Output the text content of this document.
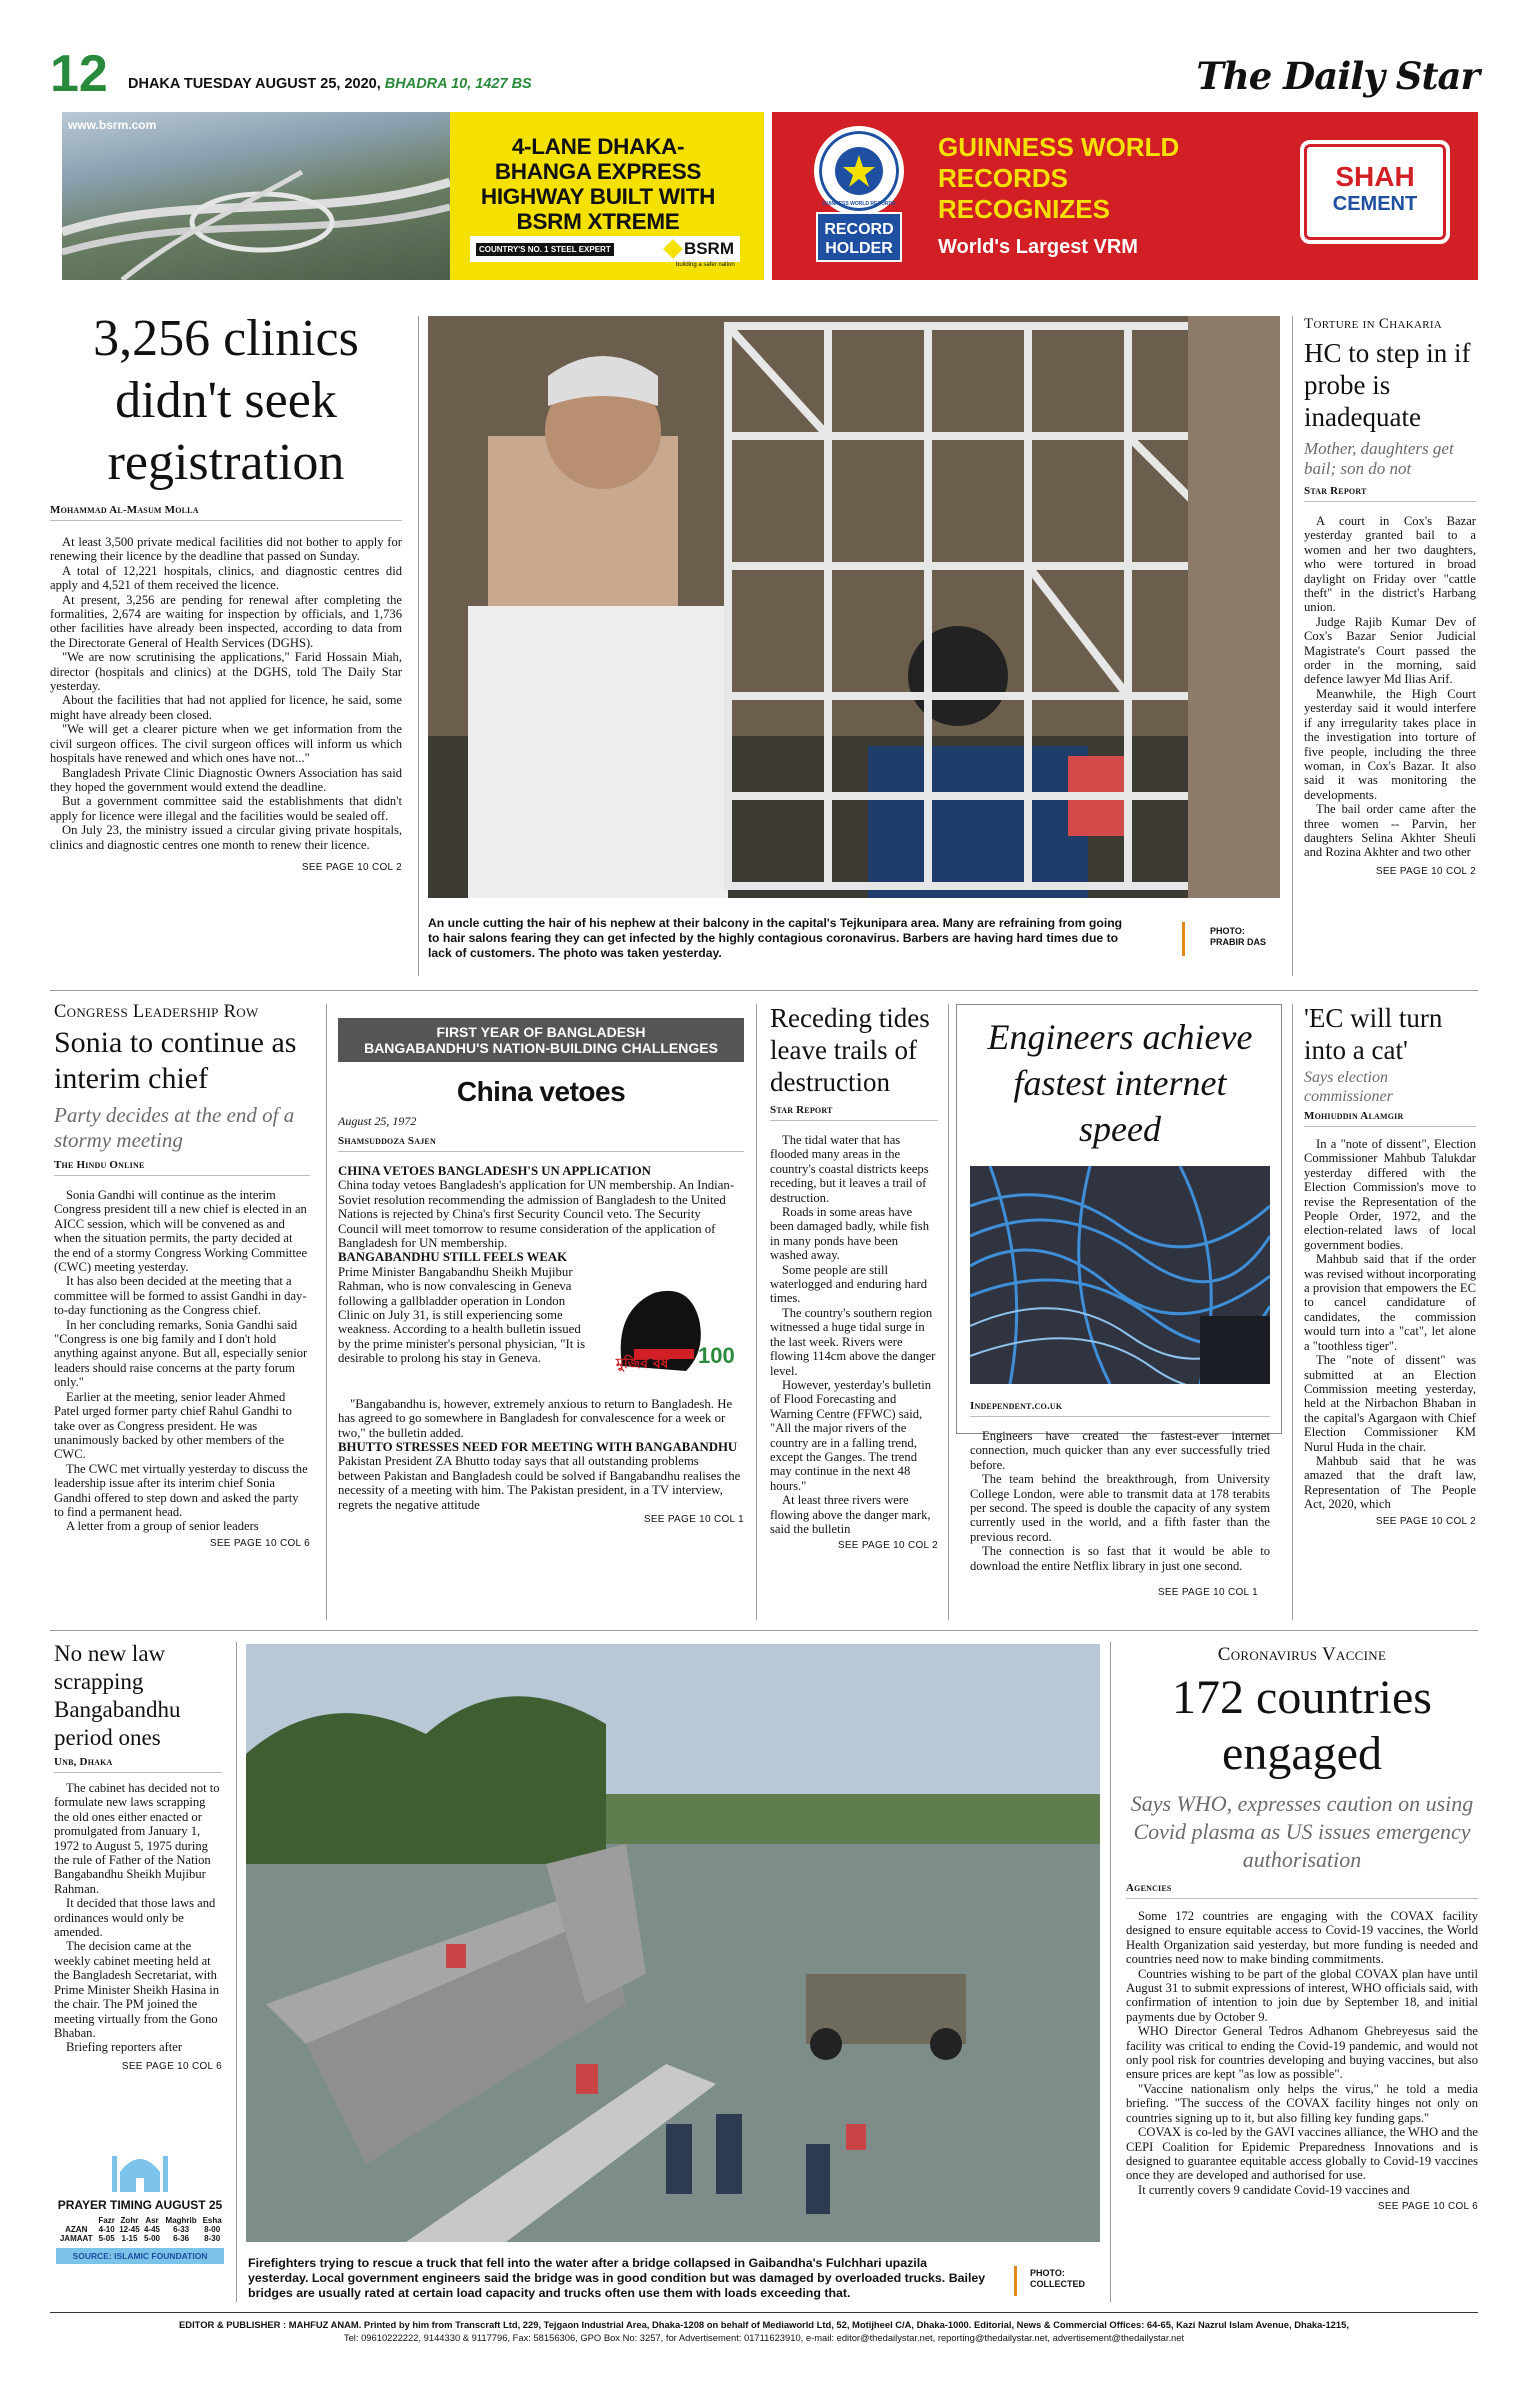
12 DHAKA TUESDAY AUGUST 25, 2020, BHADRA 10, 1427 BS	The Daily Star
www.bsrm.com
4-LANE DHAKA-BHANGA EXPRESS HIGHWAY BUILT WITH BSRM XTREME
COUNTRY'S NO. 1 STEEL EXPERT	BSRM
building a safer nation
GUINNESS WORLD RECORDS
RECORD HOLDER
GUINNESS WORLD RECORDS RECOGNIZES
World's Largest VRM
SHAH
CEMENT
3,256 clinics didn't seek registration
Mohammad Al-Masum Molla

At least 3,500 private medical facilities did not bother to apply for renewing their licence by the deadline that passed on Sunday.

A total of 12,221 hospitals, clinics, and diagnostic centres did apply and 4,521 of them received the licence.

At present, 3,256 are pending for renewal after completing the formalities, 2,674 are waiting for inspection by officials, and 1,736 other facilities have already been inspected, according to data from the Directorate General of Health Services (DGHS).

"We are now scrutinising the applications," Farid Hossain Miah, director (hospitals and clinics) at the DGHS, told The Daily Star yesterday.

About the facilities that had not applied for licence, he said, some might have already been closed.

"We will get a clearer picture when we get information from the civil surgeon offices. The civil surgeon offices will inform us which hospitals have renewed and which ones have not..."

Bangladesh Private Clinic Diagnostic Owners Association has said they hoped the government would extend the deadline.

But a government committee said the establishments that didn't apply for licence were illegal and the facilities would be sealed off.

On July 23, the ministry issued a circular giving private hospitals, clinics and diagnostic centres one month to renew their licence.

SEE PAGE 10 COL 2
An uncle cutting the hair of his nephew at their balcony in the capital's Tejkunipara area. Many are refraining from going to hair salons fearing they can get infected by the highly contagious coronavirus. Barbers are having hard times due to lack of customers. The photo was taken yesterday.
PHOTO:
PRABIR DAS
Torture in Chakaria
HC to step in if probe is inadequate
Mother, daughters get bail; son do not
Star Report

A court in Cox's Bazar yesterday granted bail to a women and her two daughters, who were tortured in broad daylight on Friday over "cattle theft" in the district's Harbang union.

Judge Rajib Kumar Dev of Cox's Bazar Senior Judicial Magistrate's Court passed the order in the morning, said defence lawyer Md Ilias Arif.

Meanwhile, the High Court yesterday said it would interfere if any irregularity takes place in the investigation into torture of five people, including the three woman, in Cox's Bazar. It also said it was monitoring the developments.

The bail order came after the three women -- Parvin, her daughters Selina Akhter Sheuli and Rozina Akhter and two other

SEE PAGE 10 COL 2
Congress Leadership Row
Sonia to continue as interim chief
Party decides at the end of a stormy meeting
The Hindu Online

Sonia Gandhi will continue as the interim Congress president till a new chief is elected in an AICC session, which will be convened as and when the situation permits, the party decided at the end of a stormy Congress Working Committee (CWC) meeting yesterday.

It has also been decided at the meeting that a committee will be formed to assist Gandhi in day-to-day functioning as the Congress chief.

In her concluding remarks, Sonia Gandhi said "Congress is one big family and I don't hold anything against anyone. But all, especially senior leaders should raise concerns at the party forum only."

Earlier at the meeting, senior leader Ahmed Patel urged former party chief Rahul Gandhi to take over as Congress president. He was unanimously backed by other members of the CWC.

The CWC met virtually yesterday to discuss the leadership issue after its interim chief Sonia Gandhi offered to step down and asked the party to find a permanent head.

A letter from a group of senior leaders

SEE PAGE 10 COL 6
FIRST YEAR OF BANGLADESH
BANGABANDHU'S NATION-BUILDING CHALLENGES
China vetoes
August 25, 1972
Shamsuddoza Sajen
CHINA VETOES BANGLADESH'S UN APPLICATION
China today vetoes Bangladesh's application for UN membership. An Indian-Soviet resolution recommending the admission of Bangladesh to the United Nations is rejected by China's first Security Council veto. The Security Council will meet tomorrow to resume consideration of the application of Bangladesh for UN membership.
BANGABANDHU STILL FEELS WEAK
মুজিব বর্ষ 100
Prime Minister Bangabandhu Sheikh Mujibur Rahman, who is now convalescing in Geneva following a gallbladder operation in London Clinic on July 31, is still experiencing some weakness. According to a health bulletin issued by the prime minister's personal physician, "It is desirable to prolong his stay in Geneva.
"Bangabandhu is, however, extremely anxious to return to Bangladesh. He has agreed to go somewhere in Bangladesh for convalescence for a week or two," the bulletin added.
BHUTTO STRESSES NEED FOR MEETING WITH BANGABANDHU
Pakistan President ZA Bhutto today says that all outstanding problems between Pakistan and Bangladesh could be solved if Bangabandhu realises the necessity of a meeting with him. The Pakistan president, in a TV interview, regrets the negative attitude
SEE PAGE 10 COL 1
Receding tides leave trails of destruction
Star Report

The tidal water that has flooded many areas in the country's coastal districts keeps receding, but it leaves a trail of destruction.

Roads in some areas have been damaged badly, while fish in many ponds have been washed away.

Some people are still waterlogged and enduring hard times.

The country's southern region witnessed a huge tidal surge in the last week. Rivers were flowing 114cm above the danger level.

However, yesterday's bulletin of Flood Forecasting and Warning Centre (FFWC) said, "All the major rivers of the country are in a falling trend, except the Ganges. The trend may continue in the next 48 hours."

At least three rivers were flowing above the danger mark, said the bulletin

SEE PAGE 10 COL 2
Engineers achieve fastest internet speed
Independent.co.uk

Engineers have created the fastest-ever internet connection, much quicker than any ever successfully tried before.

The team behind the breakthrough, from University College London, were able to transmit data at 178 terabits per second. The speed is double the capacity of any system currently used in the world, and a fifth faster than the previous record.

The connection is so fast that it would be able to download the entire Netflix library in just one second.

SEE PAGE 10 COL 1
'EC will turn into a cat'
Says election commissioner
Mohiuddin Alamgir

In a "note of dissent", Election Commissioner Mahbub Talukdar yesterday differed with the Election Commission's move to revise the Representation of the People Order, 1972, and the election-related laws of local government bodies.

Mahbub said that if the order was revised without incorporating a provision that empowers the EC to cancel candidature of candidates, the commission would turn into a "cat", let alone a "toothless tiger".

The "note of dissent" was submitted at an Election Commission meeting yesterday, held at the Nirbachon Bhaban in the capital's Agargaon with Chief Election Commissioner KM Nurul Huda in the chair.

Mahbub said that he was amazed that the draft law, Representation of The People Act, 2020, which

SEE PAGE 10 COL 2
No new law scrapping Bangabandhu period ones
Unb, Dhaka

The cabinet has decided not to formulate new laws scrapping the old ones either enacted or promulgated from January 1, 1972 to August 5, 1975 during the rule of Father of the Nation Bangabandhu Sheikh Mujibur Rahman.

It decided that those laws and ordinances would only be amended.

The decision came at the weekly cabinet meeting held at the Bangladesh Secretariat, with Prime Minister Sheikh Hasina in the chair. The PM joined the meeting virtually from the Gono Bhaban.

Briefing reporters after

SEE PAGE 10 COL 6
PRAYER TIMING AUGUST 25
	Fazr	Zohr	Asr	Maghrib	Esha
AZAN	4-10	12-45	4-45	6-33	8-00
JAMAAT	5-05	1-15	5-00	6-36	8-30
SOURCE: ISLAMIC FOUNDATION	Firefighters trying to rescue a truck that fell into the water after a bridge collapsed in Gaibandha's Fulchhari upazila yesterday. Local government engineers said the bridge was in good condition but was damaged by overloaded trucks. Bailey bridges are usually rated at certain load capacity and trucks often use them with loads exceeding that.
PHOTO:
COLLECTED
Coronavirus Vaccine
172 countries engaged
Says WHO, expresses caution on using Covid plasma as US issues emergency authorisation
Agencies

Some 172 countries are engaging with the COVAX facility designed to ensure equitable access to Covid-19 vaccines, the World Health Organization said yesterday, but more funding is needed and countries need now to make binding commitments.

Countries wishing to be part of the global COVAX plan have until August 31 to submit expressions of interest, WHO officials said, with confirmation of intention to join due by September 18, and initial payments due by October 9.

WHO Director General Tedros Adhanom Ghebreyesus said the facility was critical to ending the Covid-19 pandemic, and would not only pool risk for countries developing and buying vaccines, but also ensure prices are kept "as low as possible".

"Vaccine nationalism only helps the virus," he told a media briefing. "The success of the COVAX facility hinges not only on countries signing up to it, but also filling key funding gaps."

COVAX is co-led by the GAVI vaccines alliance, the WHO and the CEPI Coalition for Epidemic Preparedness Innovations and is designed to guarantee equitable access globally to Covid-19 vaccines once they are developed and authorised for use.

It currently covers 9 candidate Covid-19 vaccines and

SEE PAGE 10 COL 6
EDITOR & PUBLISHER : MAHFUZ ANAM. Printed by him from Transcraft Ltd, 229, Tejgaon Industrial Area, Dhaka-1208 on behalf of Mediaworld Ltd, 52, Motijheel C/A, Dhaka-1000. Editorial, News & Commercial Offices: 64-65, Kazi Nazrul Islam Avenue, Dhaka-1215,
Tel: 09610222222, 9144330 & 9117796, Fax: 58156306, GPO Box No: 3257, for Advertisement: 01711623910, e-mail: editor@thedailystar.net, reporting@thedailystar.net, advertisement@thedailystar.net
